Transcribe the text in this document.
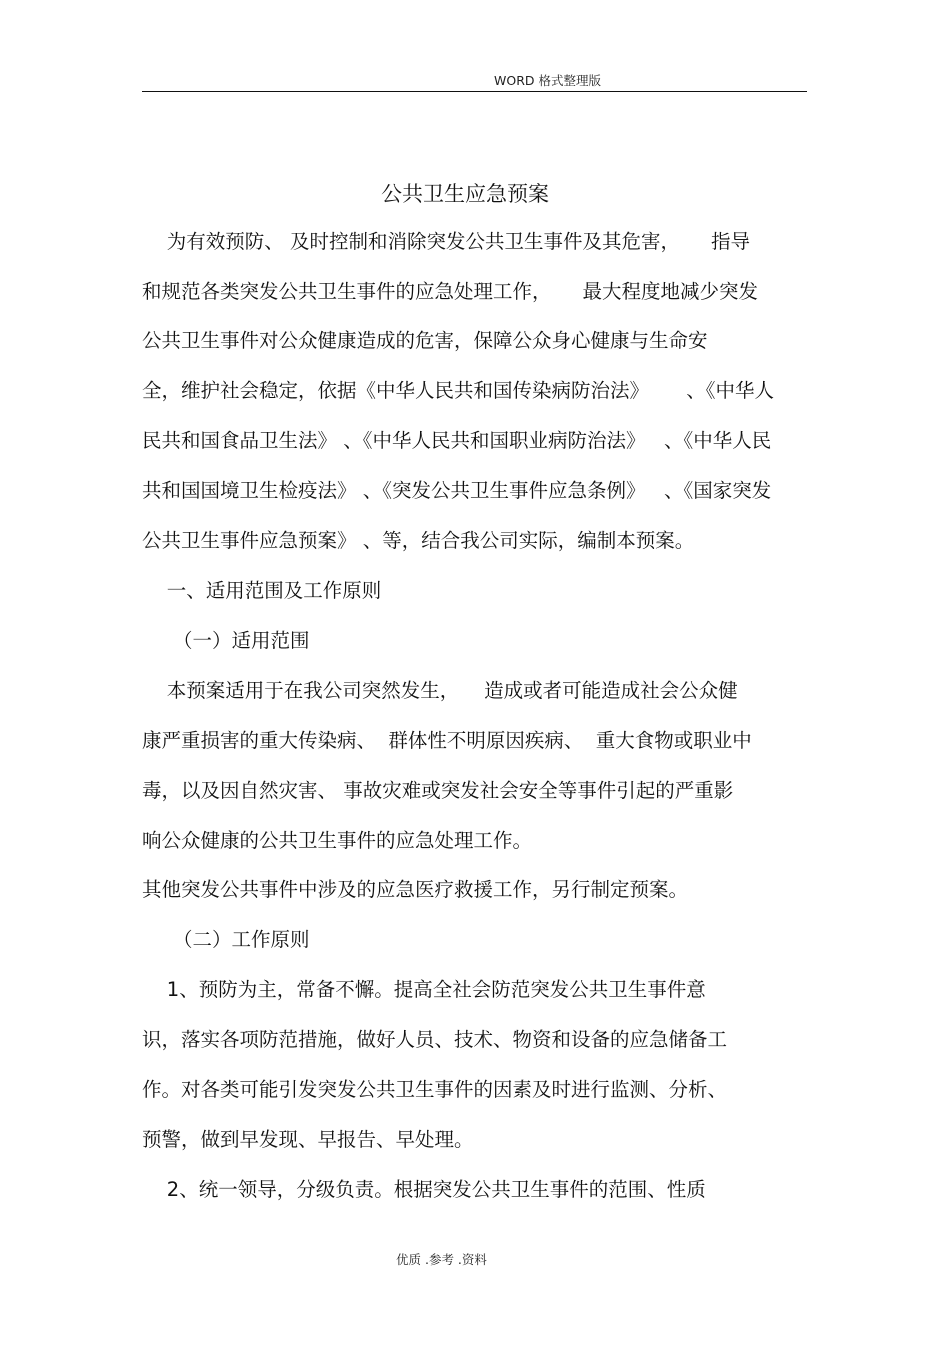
WORD 格式整理版
公共卫生应急预案
为有效预防、 及时控制和消除突发公共卫生事件及其危害，     指导
和规范各类突发公共卫生事件的应急处理工作，     最大程度地减少突发
公共卫生事件对公众健康造成的危害，保障公众身心健康与生命安
全，维护社会稳定，依据《中华人民共和国传染病防治法》      、《中华人
民共和国食品卫生法》 、《中华人民共和国职业病防治法》   、《中华人民
共和国国境卫生检疫法》 、《突发公共卫生事件应急条例》   、《国家突发
公共卫生事件应急预案》 、等，结合我公司实际，编制本预案。
一、适用范围及工作原则
（一）适用范围
本预案适用于在我公司突然发生，    造成或者可能造成社会公众健
康严重损害的重大传染病、  群体性不明原因疾病、  重大食物或职业中
毒，以及因自然灾害、 事故灾难或突发社会安全等事件引起的严重影
响公众健康的公共卫生事件的应急处理工作。
其他突发公共事件中涉及的应急医疗救援工作，另行制定预案。
（二）工作原则
1、预防为主，常备不懈。提高全社会防范突发公共卫生事件意
识，落实各项防范措施，做好人员、技术、物资和设备的应急储备工
作。对各类可能引发突发公共卫生事件的因素及时进行监测、分析、
预警，做到早发现、早报告、早处理。
2、统一领导，分级负责。根据突发公共卫生事件的范围、性质
优质 .参考 .资料
